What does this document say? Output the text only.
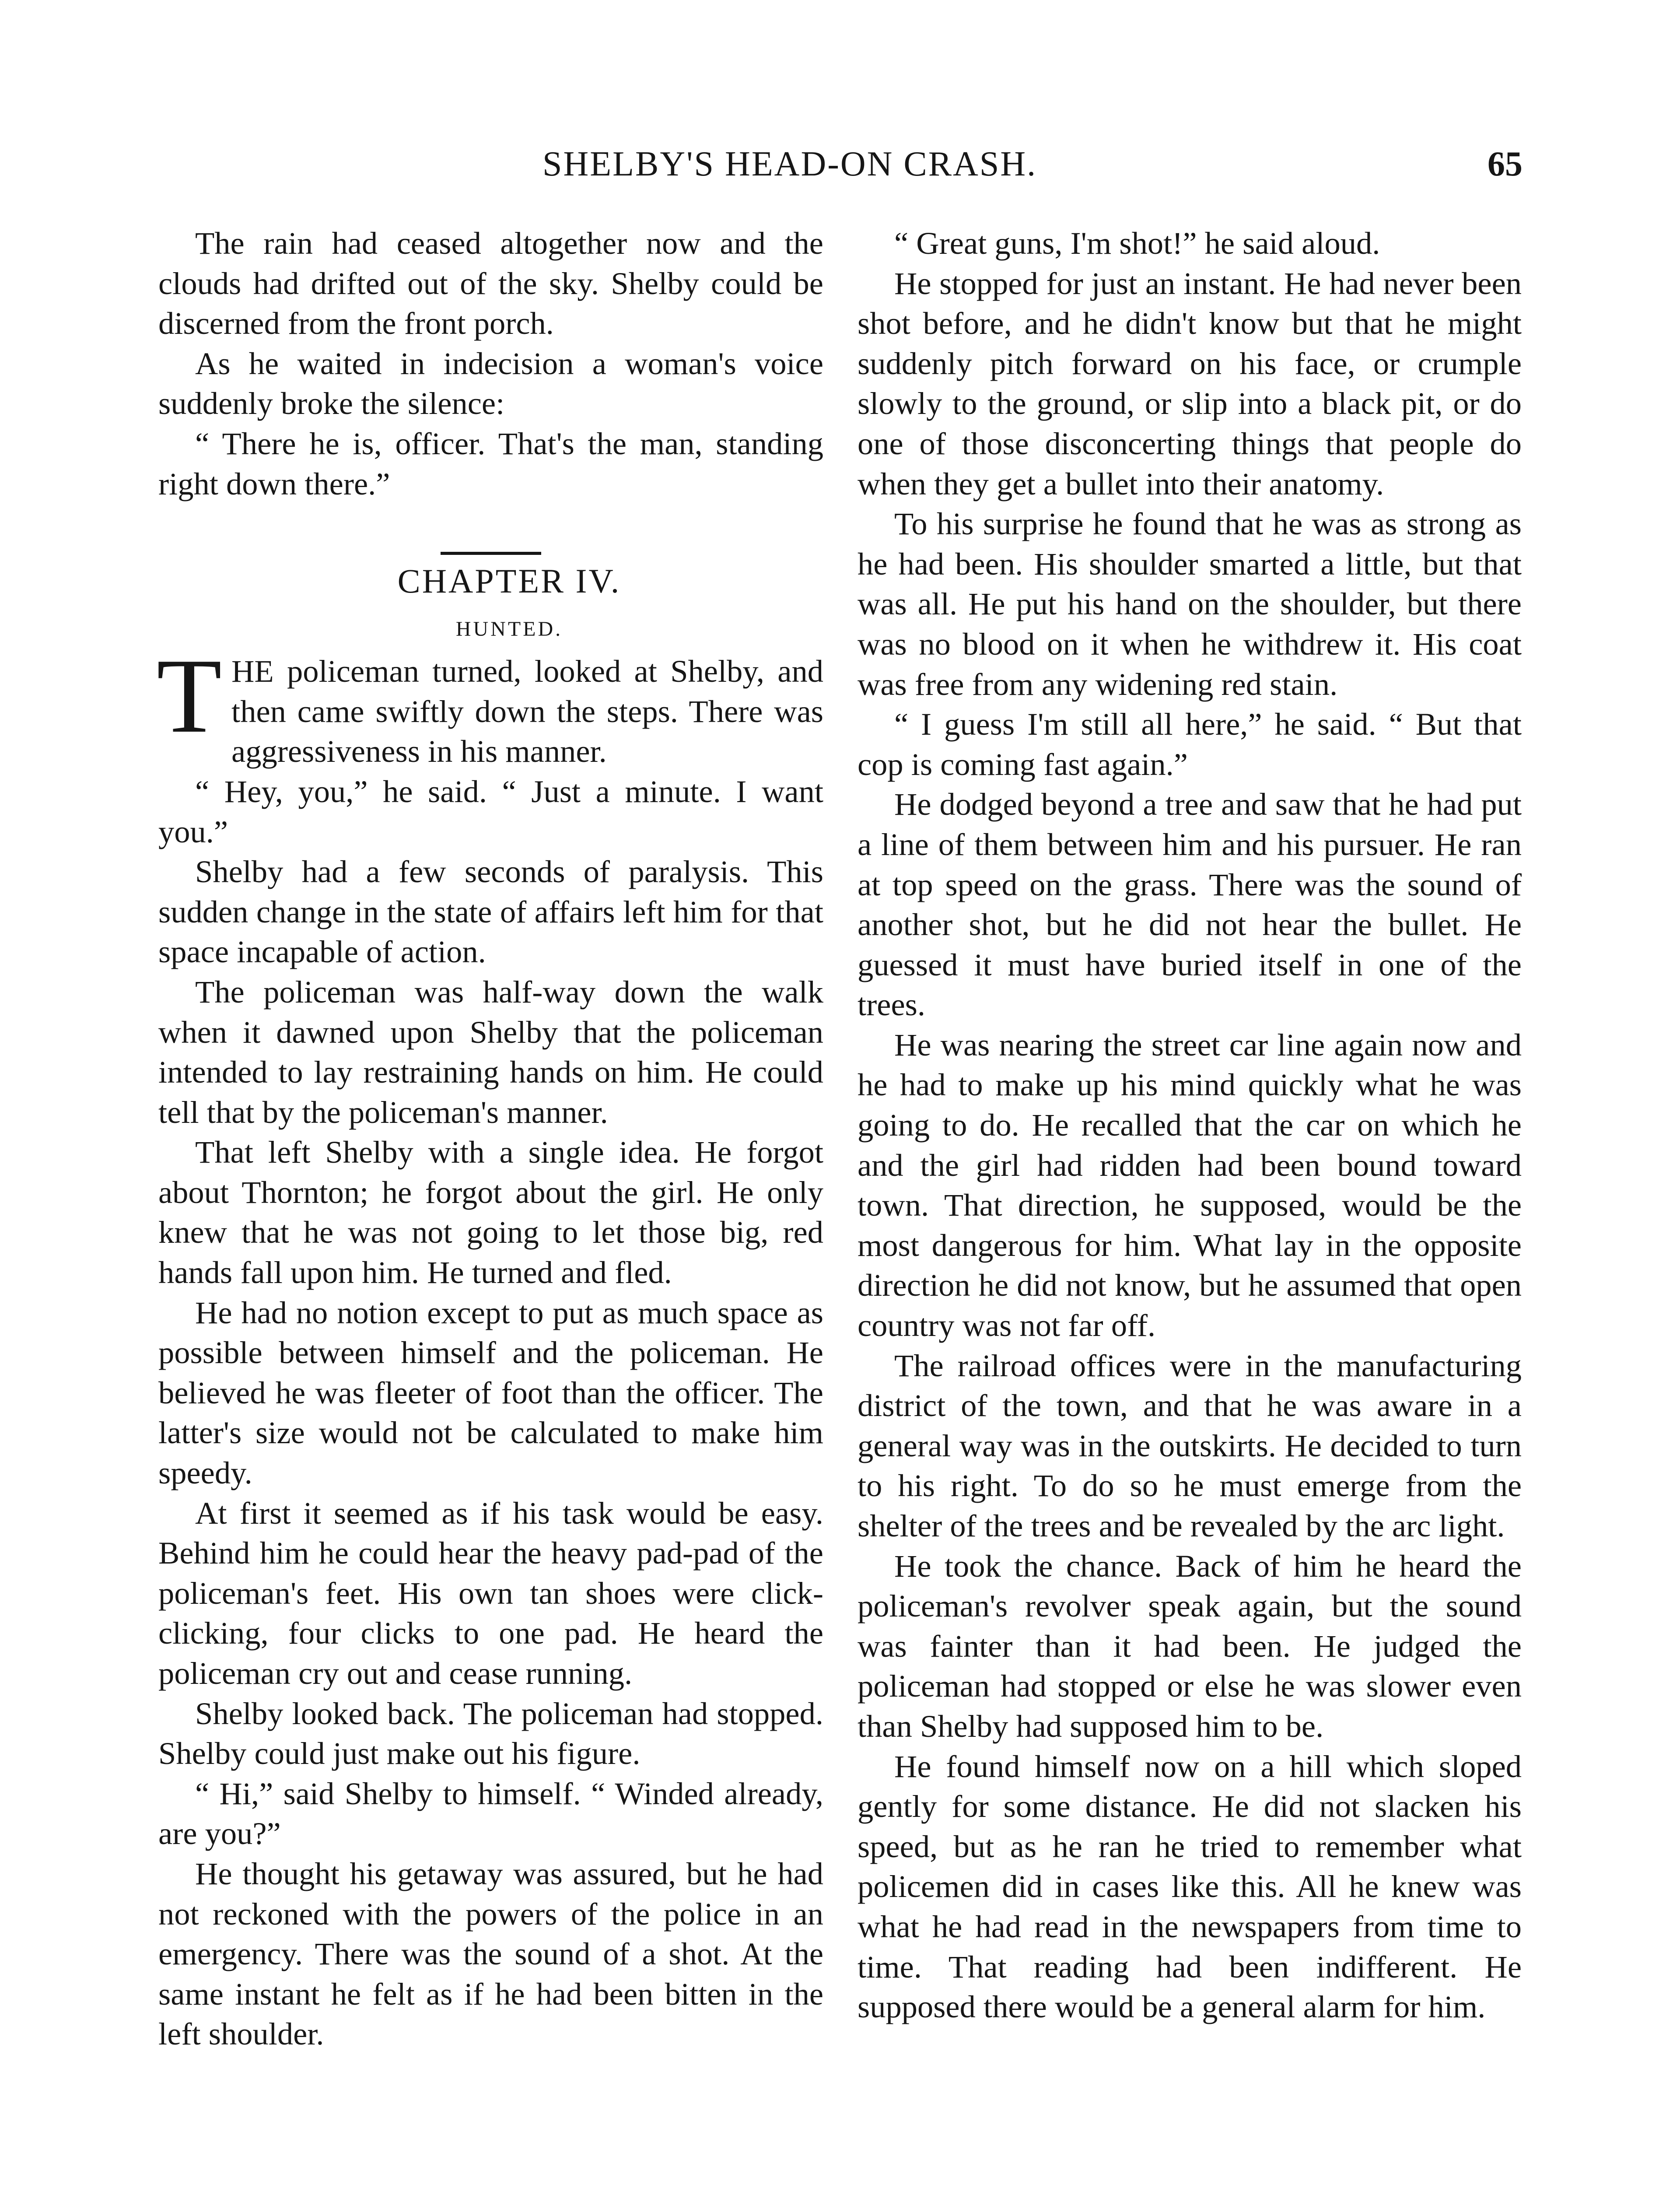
SHELBY'S HEAD-ON CRASH.	65

The rain had ceased altogether now and the clouds had drifted out of the sky. Shelby could be discerned from the front porch.

As he waited in indecision a woman's voice suddenly broke the silence:

“ There he is, officer. That's the man, standing right down there.”

CHAPTER IV.

HUNTED.

THE policeman turned, looked at Shelby, and then came swiftly down the steps. There was aggressiveness in his manner.

“ Hey, you,” he said. “ Just a minute. I want you.”

Shelby had a few seconds of paralysis. This sudden change in the state of affairs left him for that space incapable of action.

The policeman was half-way down the walk when it dawned upon Shelby that the policeman intended to lay restraining hands on him. He could tell that by the policeman's manner.

That left Shelby with a single idea. He forgot about Thornton; he forgot about the girl. He only knew that he was not going to let those big, red hands fall upon him. He turned and fled.

He had no notion except to put as much space as possible between himself and the policeman. He believed he was fleeter of foot than the officer. The latter's size would not be calculated to make him speedy.

At first it seemed as if his task would be easy. Behind him he could hear the heavy pad-pad of the policeman's feet. His own tan shoes were click-clicking, four clicks to one pad. He heard the policeman cry out and cease running.

Shelby looked back. The policeman had stopped. Shelby could just make out his figure.

“ Hi,” said Shelby to himself. “ Winded already, are you?”

He thought his getaway was assured, but he had not reckoned with the powers of the police in an emergency. There was the sound of a shot. At the same instant he felt as if he had been bitten in the left shoulder.

“ Great guns, I'm shot!” he said aloud.

He stopped for just an instant. He had never been shot before, and he didn't know but that he might suddenly pitch forward on his face, or crumple slowly to the ground, or slip into a black pit, or do one of those disconcerting things that people do when they get a bullet into their anatomy.

To his surprise he found that he was as strong as he had been. His shoulder smarted a little, but that was all. He put his hand on the shoulder, but there was no blood on it when he withdrew it. His coat was free from any widening red stain.

“ I guess I'm still all here,” he said. “ But that cop is coming fast again.”

He dodged beyond a tree and saw that he had put a line of them between him and his pursuer. He ran at top speed on the grass. There was the sound of another shot, but he did not hear the bullet. He guessed it must have buried itself in one of the trees.

He was nearing the street car line again now and he had to make up his mind quickly what he was going to do. He recalled that the car on which he and the girl had ridden had been bound toward town. That direction, he supposed, would be the most dangerous for him. What lay in the opposite direction he did not know, but he assumed that open country was not far off.

The railroad offices were in the manufacturing district of the town, and that he was aware in a general way was in the outskirts. He decided to turn to his right. To do so he must emerge from the shelter of the trees and be revealed by the arc light.

He took the chance. Back of him he heard the policeman's revolver speak again, but the sound was fainter than it had been. He judged the policeman had stopped or else he was slower even than Shelby had supposed him to be.

He found himself now on a hill which sloped gently for some distance. He did not slacken his speed, but as he ran he tried to remember what policemen did in cases like this. All he knew was what he had read in the newspapers from time to time. That reading had been indifferent. He supposed there would be a general alarm for him.
